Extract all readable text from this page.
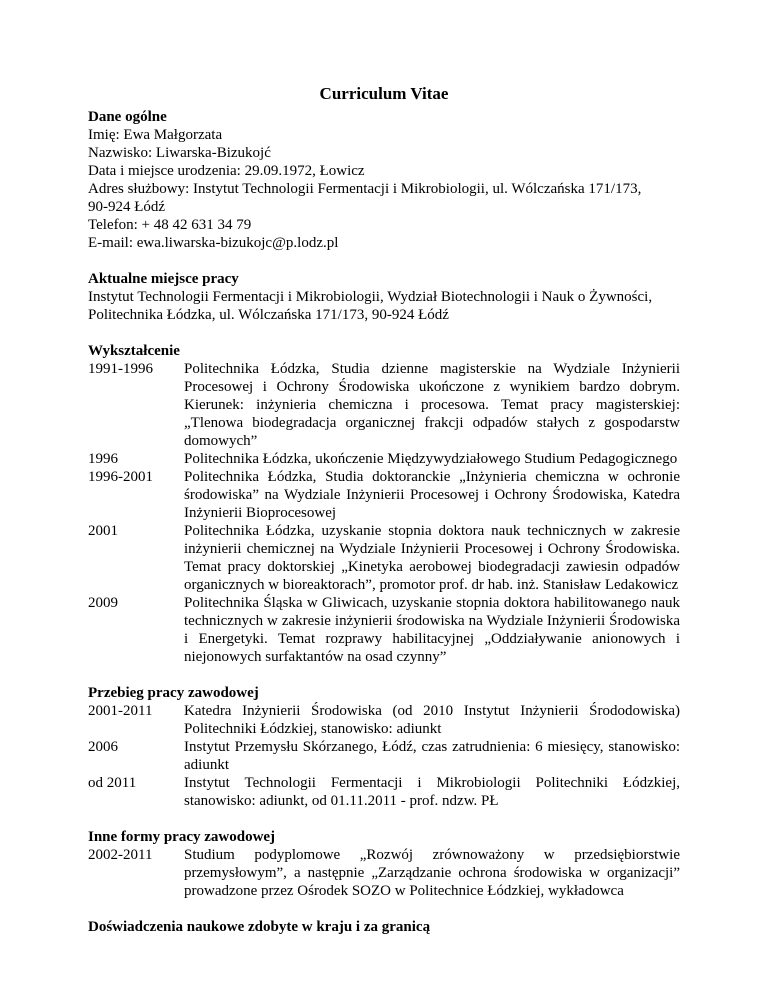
Curriculum Vitae

Dane ogólne

Imię: Ewa Małgorzata

Nazwisko: Liwarska-Bizukojć

Data i miejsce urodzenia: 29.09.1972, Łowicz

Adres służbowy: Instytut Technologii Fermentacji i Mikrobiologii, ul. Wólczańska 171/173,

90-924 Łódź

Telefon: + 48 42 631 34 79

E-mail: ewa.liwarska-bizukojc@p.lodz.pl

Aktualne miejsce pracy

Instytut Technologii Fermentacji i Mikrobiologii, Wydział Biotechnologii i Nauk o Żywności,

Politechnika Łódzka, ul. Wólczańska 171/173, 90-924 Łódź

Wykształcenie

1991-1996	Politechnika Łódzka, Studia dzienne magisterskie na Wydziale Inżynierii Procesowej i Ochrony Środowiska ukończone z wynikiem bardzo dobrym. Kierunek: inżynieria chemiczna i procesowa. Temat pracy magisterskiej: „Tlenowa biodegradacja organicznej frakcji odpadów stałych z gospodarstw domowych”
1996	Politechnika Łódzka, ukończenie Międzywydziałowego Studium Pedagogicznego
1996-2001	Politechnika Łódzka, Studia doktoranckie „Inżynieria chemiczna w ochronie środowiska” na Wydziale Inżynierii Procesowej i Ochrony Środowiska, Katedra Inżynierii Bioprocesowej
2001	Politechnika Łódzka, uzyskanie stopnia doktora nauk technicznych w zakresie inżynierii chemicznej na Wydziale Inżynierii Procesowej i Ochrony Środowiska. Temat pracy doktorskiej „Kinetyka aerobowej biodegradacji zawiesin odpadów organicznych w bioreaktorach”, promotor prof. dr hab. inż. Stanisław Ledakowicz
2009	Politechnika Śląska w Gliwicach, uzyskanie stopnia doktora habilitowanego nauk technicznych w zakresie inżynierii środowiska na Wydziale Inżynierii Środowiska i Energetyki. Temat rozprawy habilitacyjnej „Oddziaływanie anionowych i niejonowych surfaktantów na osad czynny”

Przebieg pracy zawodowej

2001-2011	Katedra Inżynierii Środowiska (od 2010 Instytut Inżynierii Środodowiska) Politechniki Łódzkiej, stanowisko: adiunkt
2006	Instytut Przemysłu Skórzanego, Łódź, czas zatrudnienia: 6 miesięcy, stanowisko: adiunkt
od 2011	Instytut Technologii Fermentacji i Mikrobiologii Politechniki Łódzkiej, stanowisko: adiunkt, od 01.11.2011 - prof. ndzw. PŁ

Inne formy pracy zawodowej

2002-2011	Studium podyplomowe „Rozwój zrównoważony w przedsiębiorstwie przemysłowym”, a następnie „Zarządzanie ochrona środowiska w organizacji” prowadzone przez Ośrodek SOZO w Politechnice Łódzkiej, wykładowca

Doświadczenia naukowe zdobyte w kraju i za granicą
